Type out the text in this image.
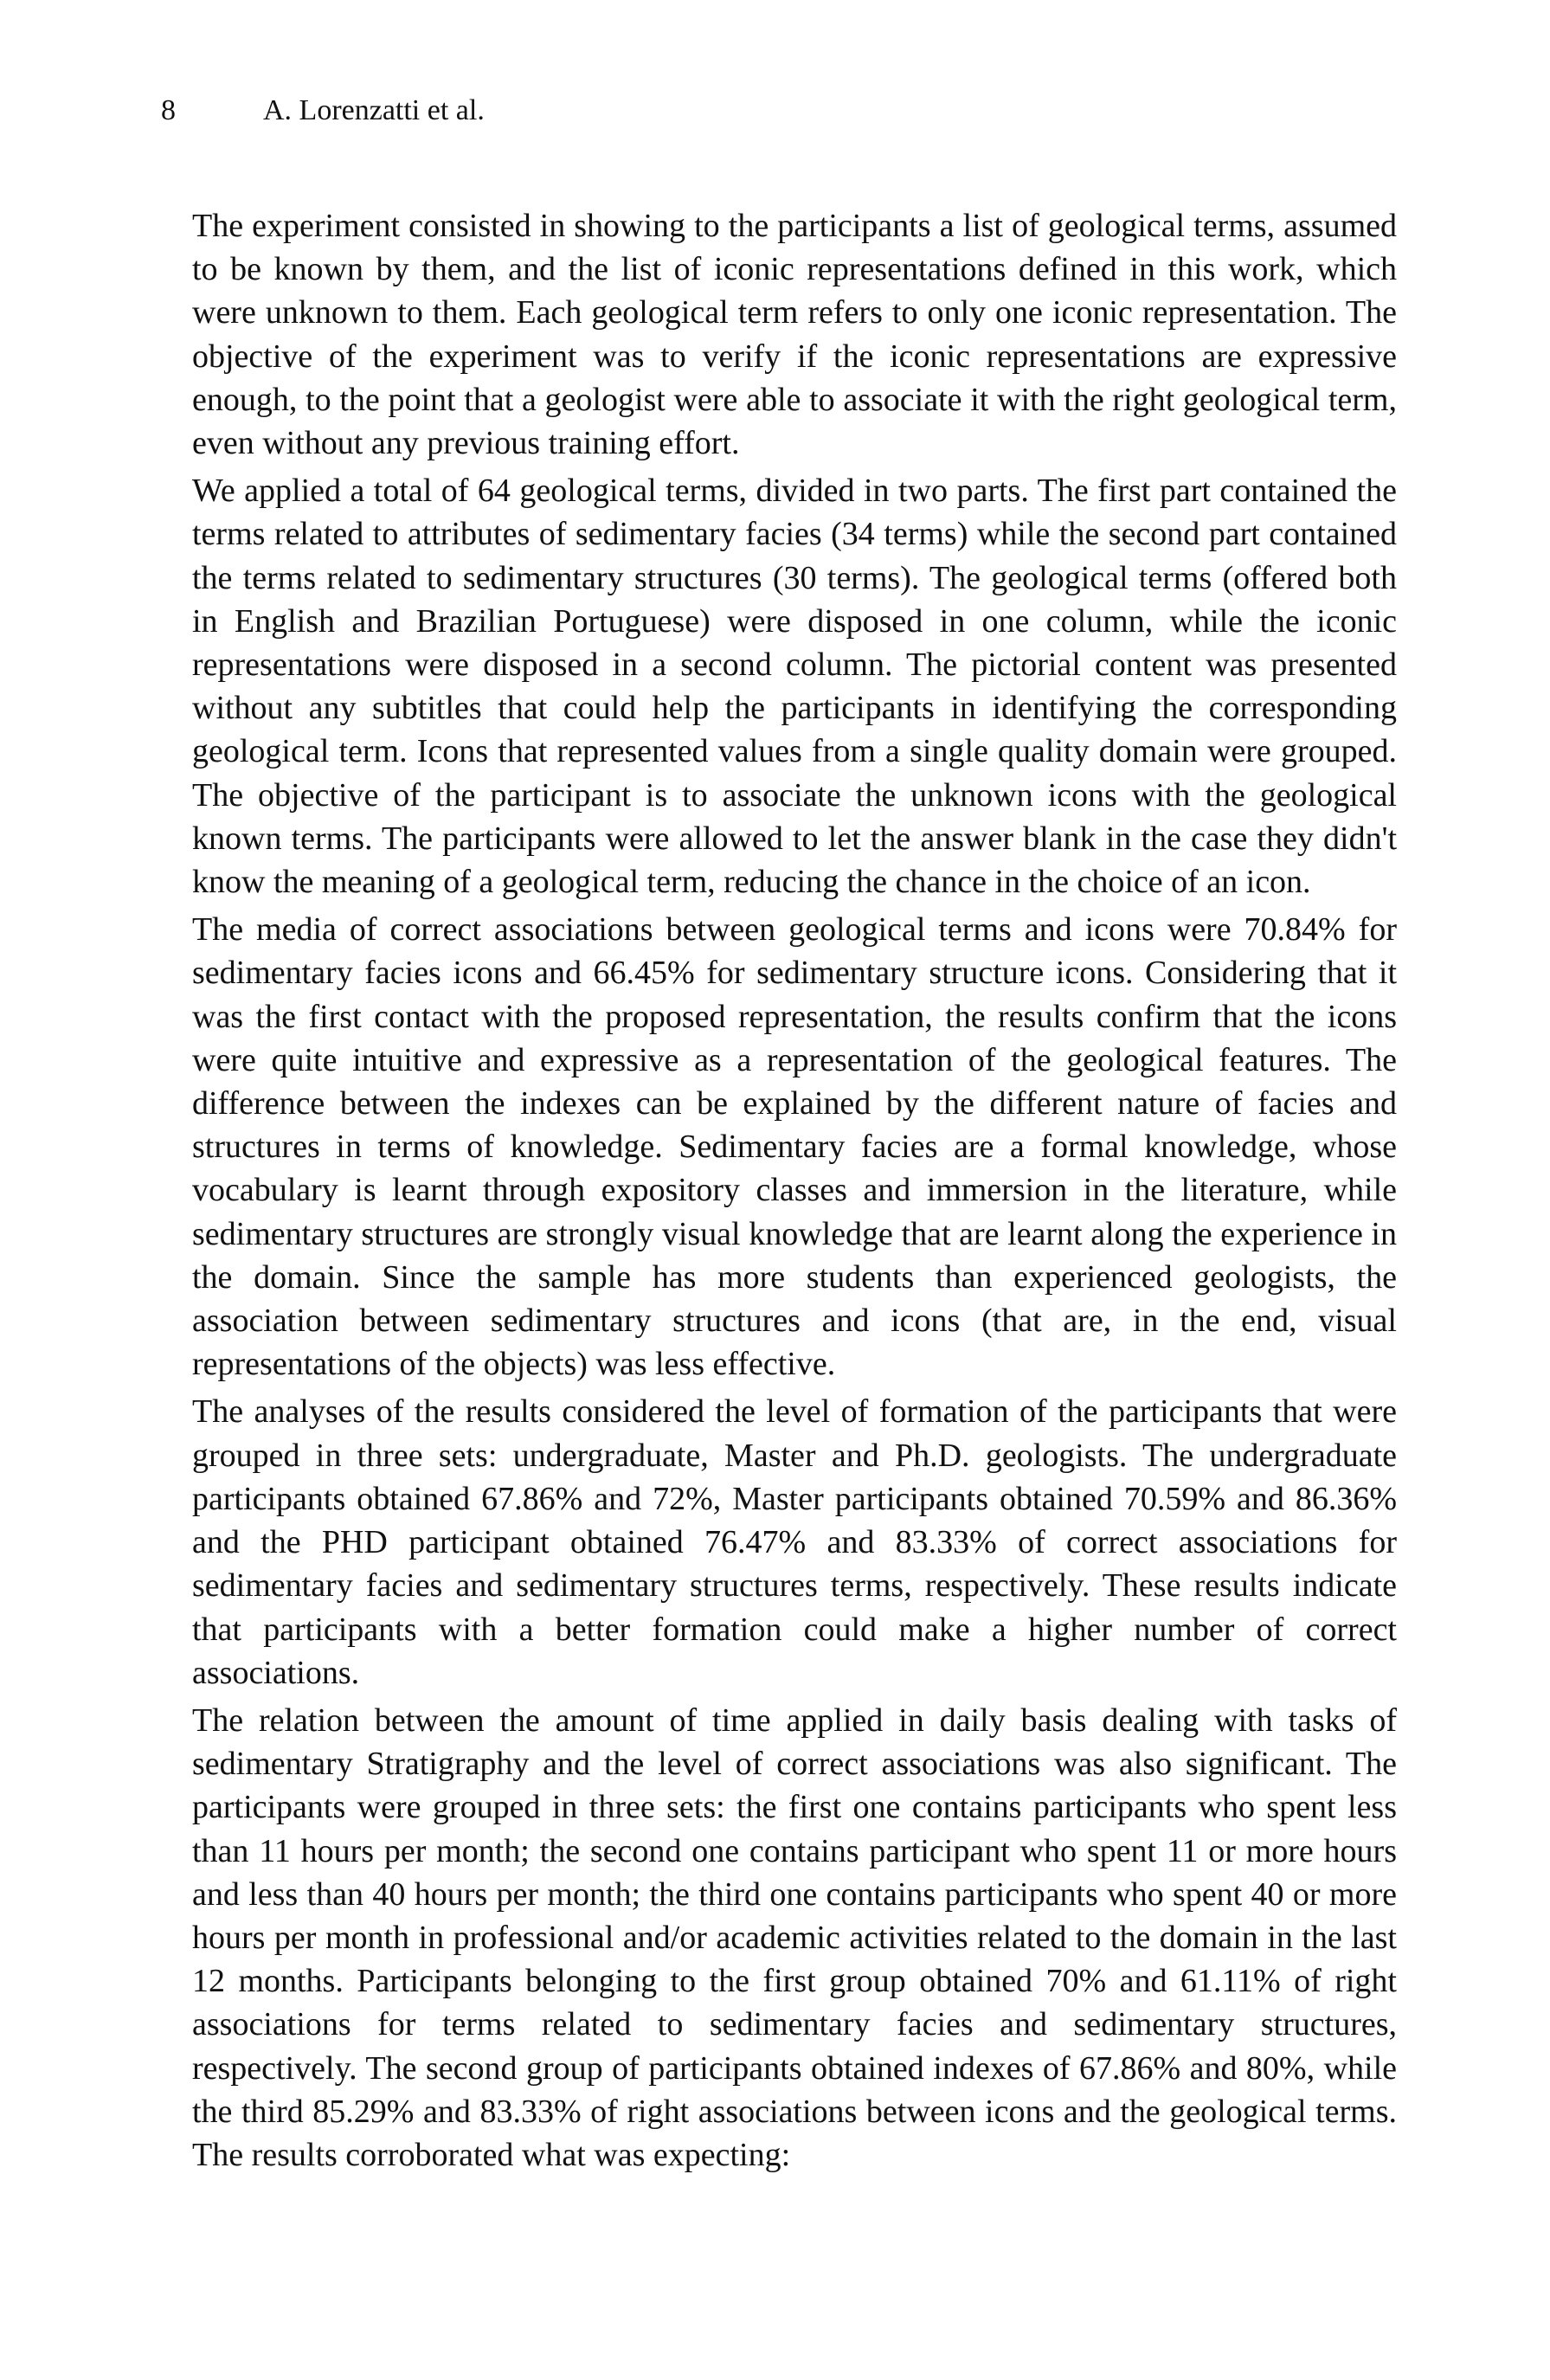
8	A. Lorenzatti et al.

The experiment consisted in showing to the participants a list of geological terms, assumed to be known by them, and the list of iconic representations defined in this work, which were unknown to them. Each geological term refers to only one iconic representation. The objective of the experiment was to verify if the iconic representations are expressive enough, to the point that a geologist were able to associate it with the right geological term, even without any previous training effort.

We applied a total of 64 geological terms, divided in two parts. The first part contained the terms related to attributes of sedimentary facies (34 terms) while the second part contained the terms related to sedimentary structures (30 terms). The geological terms (offered both in English and Brazilian Portuguese) were disposed in one column, while the iconic representations were disposed in a second column. The pictorial content was presented without any subtitles that could help the participants in identifying the corresponding geological term. Icons that represented values from a single quality domain were grouped. The objective of the participant is to associate the unknown icons with the geological known terms. The participants were allowed to let the answer blank in the case they didn't know the meaning of a geological term, reducing the chance in the choice of an icon.

The media of correct associations between geological terms and icons were 70.84% for sedimentary facies icons and 66.45% for sedimentary structure icons. Considering that it was the first contact with the proposed representation, the results confirm that the icons were quite intuitive and expressive as a representation of the geological features. The difference between the indexes can be explained by the different nature of facies and structures in terms of knowledge. Sedimentary facies are a formal knowledge, whose vocabulary is learnt through expository classes and immersion in the literature, while sedimentary structures are strongly visual knowledge that are learnt along the experience in the domain. Since the sample has more students than experienced geologists, the association between sedimentary structures and icons (that are, in the end, visual representations of the objects) was less effective.

The analyses of the results considered the level of formation of the participants that were grouped in three sets: undergraduate, Master and Ph.D. geologists. The undergraduate participants obtained 67.86% and 72%, Master participants obtained 70.59% and 86.36% and the PHD participant obtained 76.47% and 83.33% of correct associations for sedimentary facies and sedimentary structures terms, respectively. These results indicate that participants with a better formation could make a higher number of correct associations.

The relation between the amount of time applied in daily basis dealing with tasks of sedimentary Stratigraphy and the level of correct associations was also significant. The participants were grouped in three sets: the first one contains participants who spent less than 11 hours per month; the second one contains participant who spent 11 or more hours and less than 40 hours per month; the third one contains participants who spent 40 or more hours per month in professional and/or academic activities related to the domain in the last 12 months. Participants belonging to the first group obtained 70% and 61.11% of right associations for terms related to sedimentary facies and sedimentary structures, respectively. The second group of participants obtained indexes of 67.86% and 80%, while the third 85.29% and 83.33% of right associations between icons and the geological terms. The results corroborated what was expecting:
